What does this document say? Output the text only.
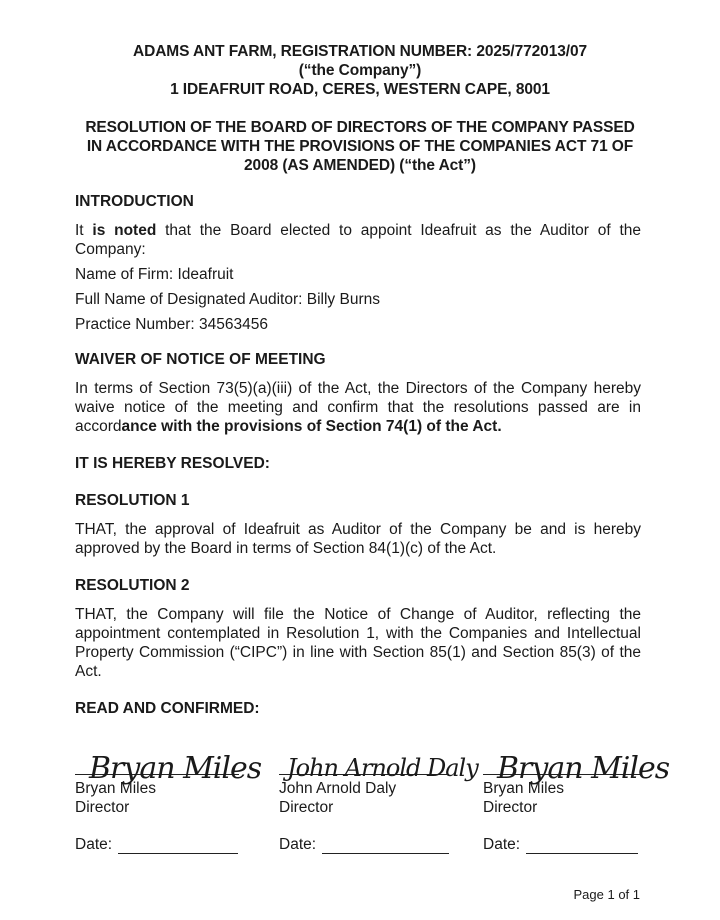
ADAMS ANT FARM, REGISTRATION NUMBER: 2025/772013/07
(“the Company”)
1 IDEAFRUIT ROAD, CERES, WESTERN CAPE, 8001
RESOLUTION OF THE BOARD OF DIRECTORS OF THE COMPANY PASSED
IN ACCORDANCE WITH THE PROVISIONS OF THE COMPANIES ACT 71 OF
2008 (AS AMENDED) (“the Act”)
INTRODUCTION

It is noted that the Board elected to appoint Ideafruit as the Auditor of the Company:

Name of Firm: Ideafruit

Full Name of Designated Auditor: Billy Burns

Practice Number: 34563456

WAIVER OF NOTICE OF MEETING

In terms of Section 73(5)(a)(iii) of the Act, the Directors of the Company hereby waive notice of the meeting and confirm that the resolutions passed are in accordance with the provisions of Section 74(1) of the Act.

IT IS HEREBY RESOLVED:
RESOLUTION 1

THAT, the approval of Ideafruit as Auditor of the Company be and is hereby approved by the Board in terms of Section 84(1)(c) of the Act.

RESOLUTION 2

THAT, the Company will file the Notice of Change of Auditor, reflecting the appointment contemplated in Resolution 1, with the Companies and Intellectual Property Commission (“CIPC”) in line with Section 85(1) and Section 85(3) of the Act.

READ AND CONFIRMED:
Bryan Miles
Bryan Miles
Director
Date:
John Arnold Daly
John Arnold Daly
Director
Date:
Bryan Miles
Bryan Miles
Director
Date:
Page 1 of 1
